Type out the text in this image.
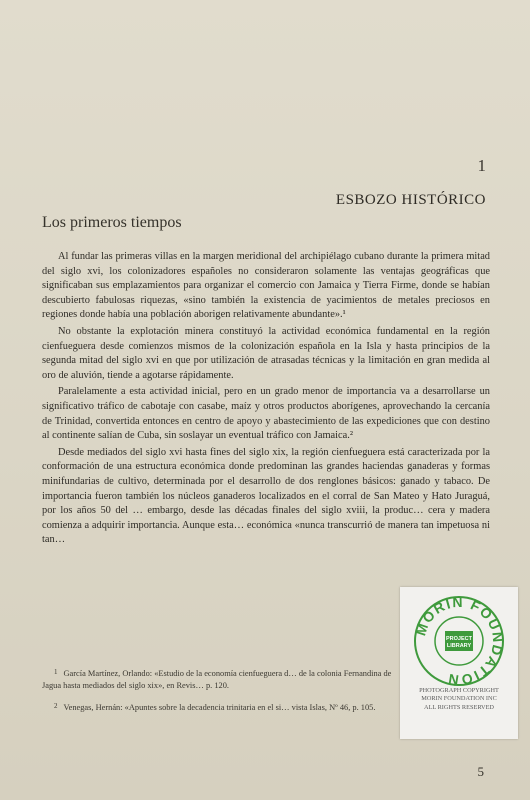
1
ESBOZO HISTÓRICO
Los primeros tiempos

Al fundar las primeras villas en la margen meridional del archipiélago cubano durante la primera mitad del siglo xvi, los colonizadores españoles no consideraron solamente las ventajas geográficas que significaban sus emplazamientos para organizar el comercio con Jamaica y Tierra Firme, donde se habían descubierto fabulosas riquezas, «sino también la existencia de yacimientos de metales preciosos en regiones donde había una población aborigen relativamente abundante».¹

No obstante la explotación minera constituyó la actividad económica fundamental en la región cienfueguera desde comienzos mismos de la colonización española en la Isla y hasta principios de la segunda mitad del siglo xvi en que por utilización de atrasadas técnicas y la limitación en gran medida al oro de aluvión, tiende a agotarse rápidamente.

Paralelamente a esta actividad inicial, pero en un grado menor de importancia va a desarrollarse un significativo tráfico de cabotaje con casabe, maíz y otros productos aborígenes, aprovechando la cercanía de Trinidad, convertida entonces en centro de apoyo y abastecimiento de las expediciones que con destino al continente salían de Cuba, sin soslayar un eventual tráfico con Jamaica.²

Desde mediados del siglo xvi hasta fines del siglo xix, la región cienfueguera está caracterizada por la conformación de una estructura económica donde predominan las grandes haciendas ganaderas y formas minifundarias de cultivo, determinada por el desarrollo de dos renglones básicos: ganado y tabaco. De importancia fueron también los núcleos ganaderos localizados en el corral de San Mateo y Hato Juraguá, por los años 50 del … embargo, desde las décadas finales del siglo xviii, la produc… cera y madera comienza a adquirir importancia. Aunque esta… económica «nunca transcurrió de manera tan impetuosa ni tan…

$^1$ García Martínez, Orlando: «Estudio de la economía cienfueguera d… de la colonia Fernandina de Jagua hasta mediados del siglo xix», en Revis… p. 120.

$^2$ Venegas, Hernán: «Apuntes sobre la decadencia trinitaria en el si… vista Islas, Nº 46, p. 105.

5
MORIN FOUNDATION
PROJECT
LIBRARY
PHOTOGRAPH COPYRIGHT
MORIN FOUNDATION INC
ALL RIGHTS RESERVED
